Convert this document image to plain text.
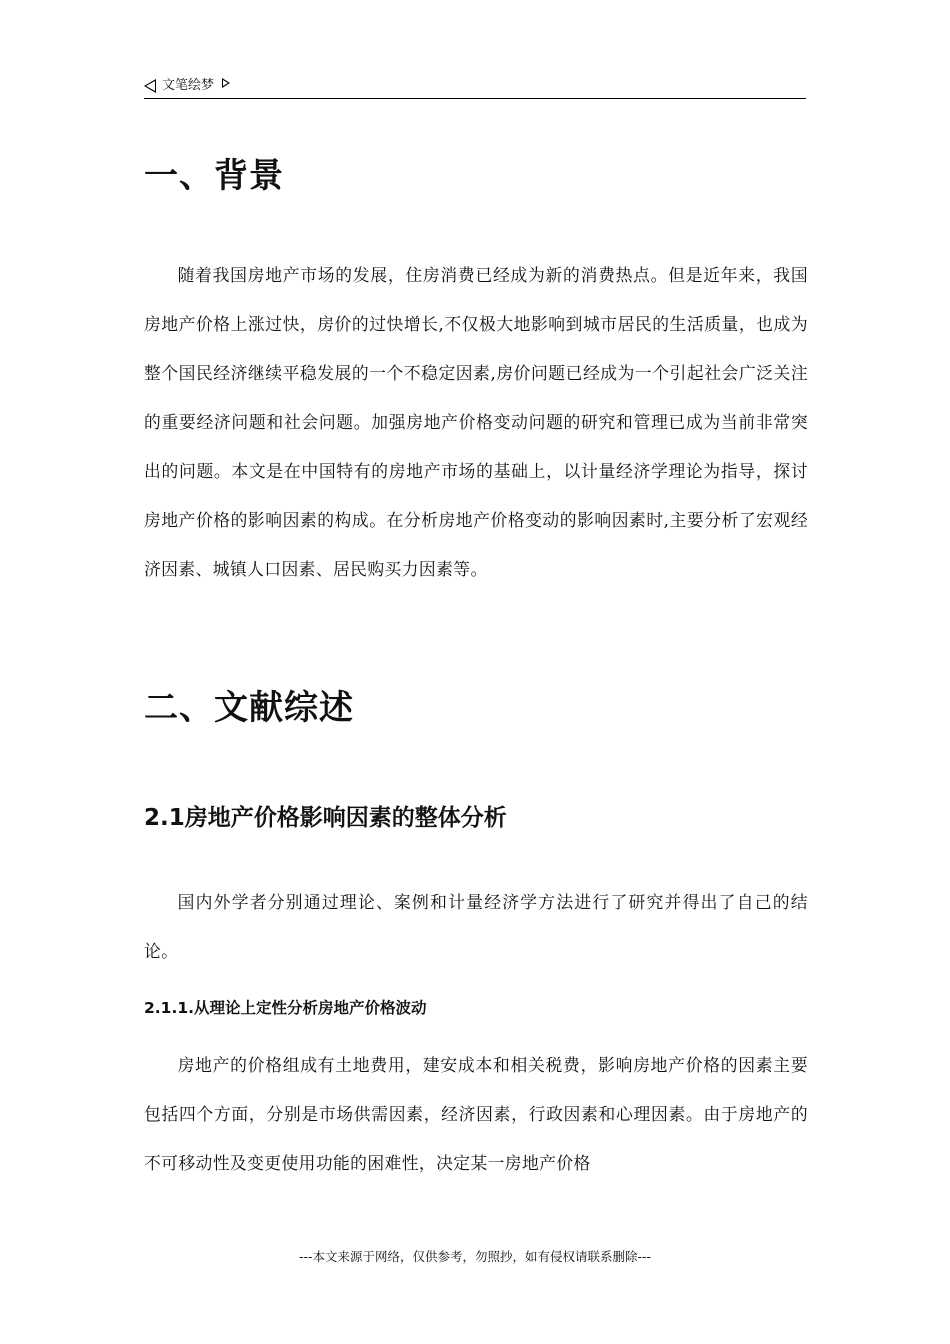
文笔绘梦
一、背景

随着我国房地产市场的发展，住房消费已经成为新的消费热点。但是近年来，我国房地产价格上涨过快，房价的过快增长,不仅极大地影响到城市居民的生活质量，也成为整个国民经济继续平稳发展的一个不稳定因素,房价问题已经成为一个引起社会广泛关注的重要经济问题和社会问题。加强房地产价格变动问题的研究和管理已成为当前非常突出的问题。本文是在中国特有的房地产市场的基础上，以计量经济学理论为指导，探讨房地产价格的影响因素的构成。在分析房地产价格变动的影响因素时,主要分析了宏观经济因素、城镇人口因素、居民购买力因素等。

二、文献综述
2.1房地产价格影响因素的整体分析

国内外学者分别通过理论、案例和计量经济学方法进行了研究并得出了自己的结论。

2.1.1.从理论上定性分析房地产价格波动

房地产的价格组成有土地费用，建安成本和相关税费，影响房地产价格的因素主要包括四个方面，分别是市场供需因素，经济因素，行政因素和心理因素。由于房地产的不可移动性及变更使用功能的困难性，决定某一房地产价格

---本文来源于网络，仅供参考，勿照抄，如有侵权请联系删除---
